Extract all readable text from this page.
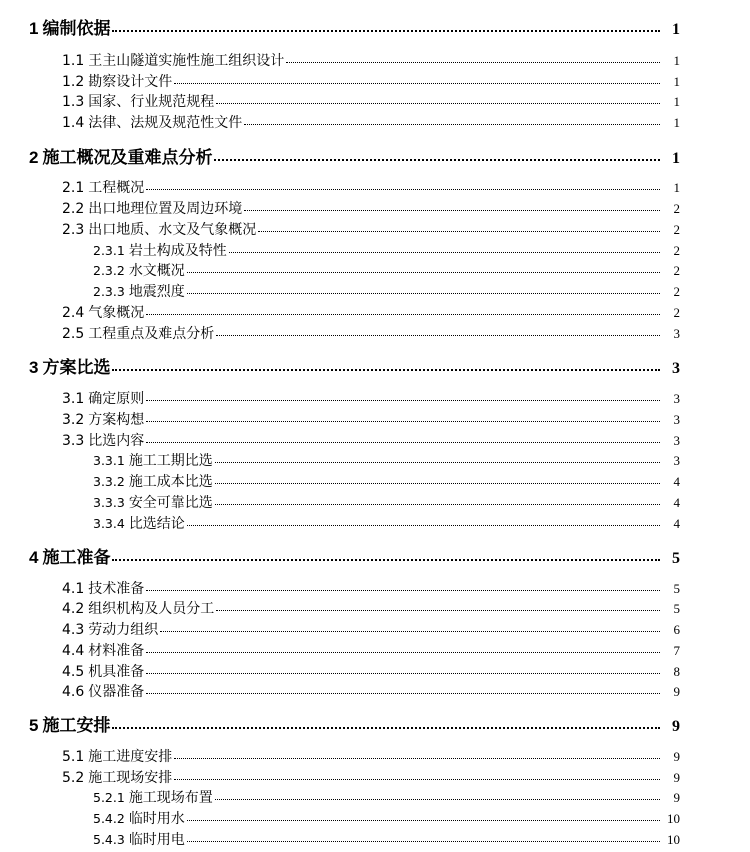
1 编制依据	1
1.1 王主山隧道实施性施工组织设计	1
1.2 勘察设计文件	1
1.3 国家、行业规范规程	1
1.4 法律、法规及规范性文件	1
2 施工概况及重难点分析	1
2.1 工程概况	1
2.2 出口地理位置及周边环境	2
2.3 出口地质、水文及气象概况	2
2.3.1 岩土构成及特性	2
2.3.2 水文概况	2
2.3.3 地震烈度	2
2.4 气象概况	2
2.5 工程重点及难点分析	3
3 方案比选	3
3.1 确定原则	3
3.2 方案构想	3
3.3 比选内容	3
3.3.1 施工工期比选	3
3.3.2 施工成本比选	4
3.3.3 安全可靠比选	4
3.3.4 比选结论	4
4 施工准备	5
4.1 技术准备	5
4.2 组织机构及人员分工	5
4.3 劳动力组织	6
4.4 材料准备	7
4.5 机具准备	8
4.6 仪器准备	9
5 施工安排	9
5.1 施工进度安排	9
5.2 施工现场安排	9
5.2.1 施工现场布置	9
5.4.2 临时用水	10
5.4.3 临时用电	10
